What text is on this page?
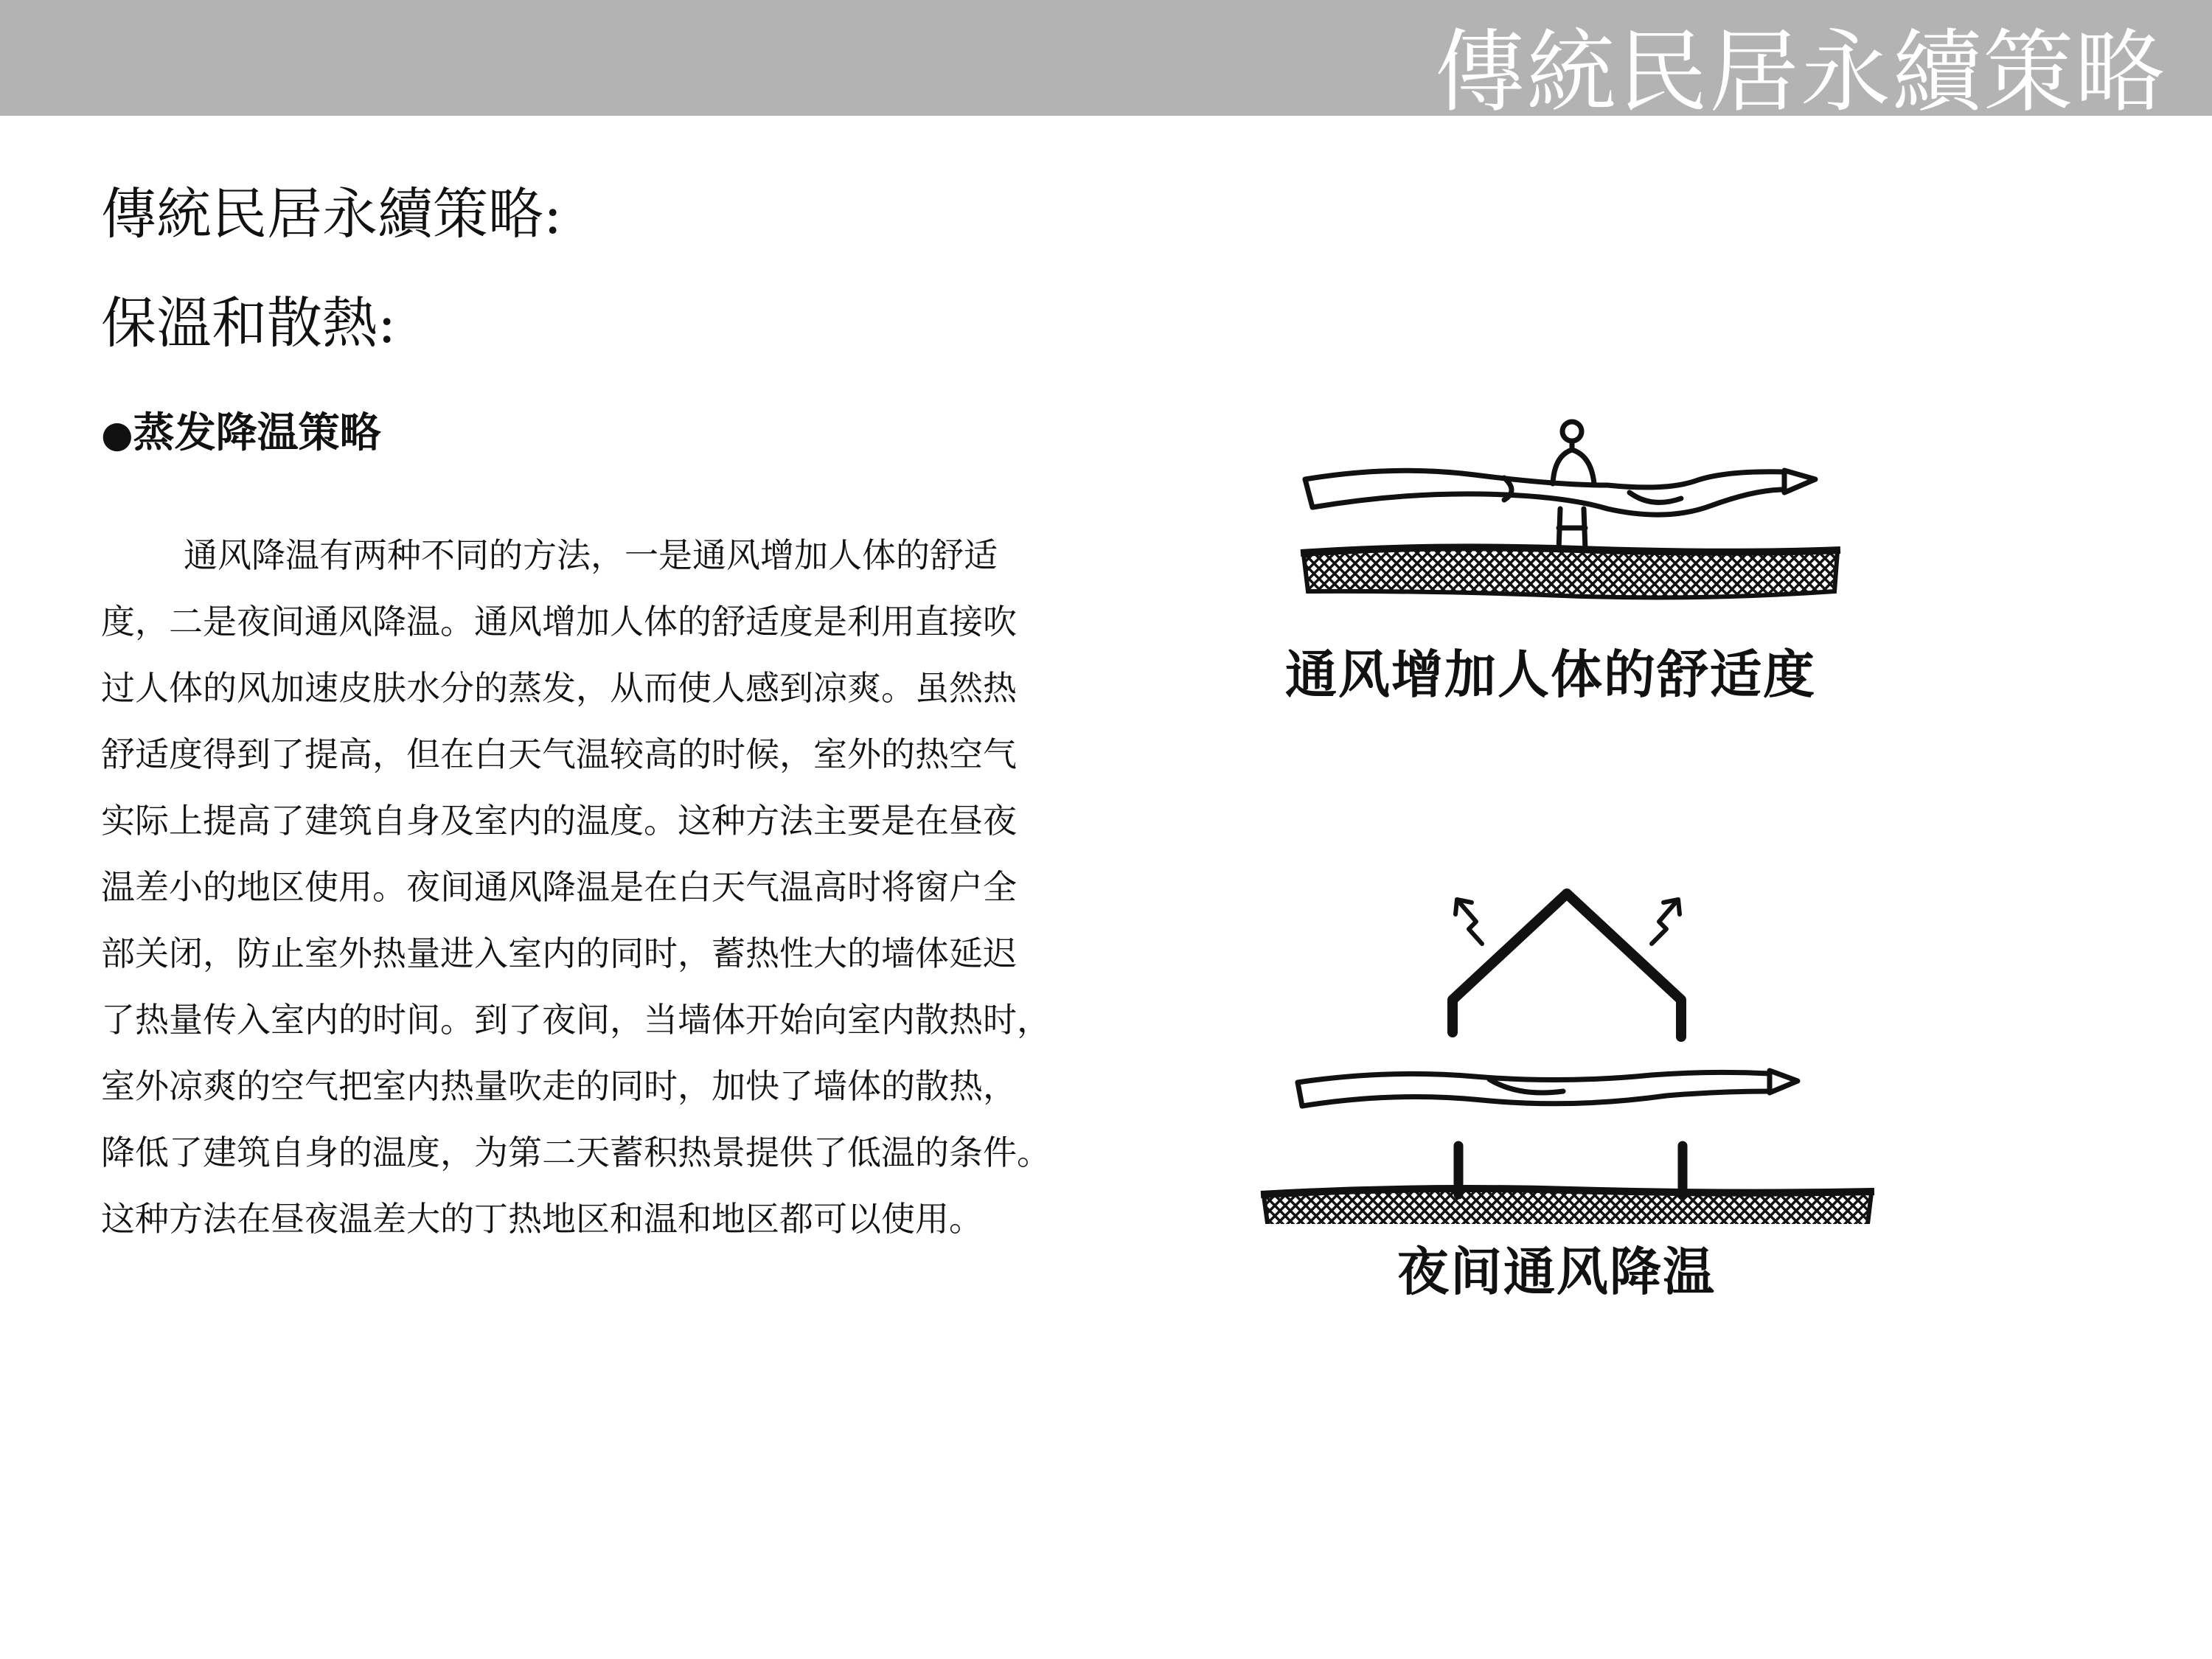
傳統民居永續策略
傳統民居永續策略:
保溫和散熱:
●蒸发降温策略
通风降温有两种不同的方法，一是通风增加人体的舒适
度，二是夜间通风降温。通风增加人体的舒适度是利用直接吹
过人体的风加速皮肤水分的蒸发，从而使人感到凉爽。虽然热
舒适度得到了提高，但在白天气温较高的时候，室外的热空气
实际上提高了建筑自身及室内的温度。这种方法主要是在昼夜
温差小的地区使用。夜间通风降温是在白天气温高时将窗户全
部关闭，防止室外热量进入室内的同时，蓄热性大的墙体延迟
了热量传入室内的时间。到了夜间，当墙体开始向室内散热时，
室外凉爽的空气把室内热量吹走的同时，加快了墙体的散热，
降低了建筑自身的温度，为第二天蓄积热景提供了低温的条件。
这种方法在昼夜温差大的丁热地区和温和地区都可以使用。
通风增加人体的舒适度
夜间通风降温
